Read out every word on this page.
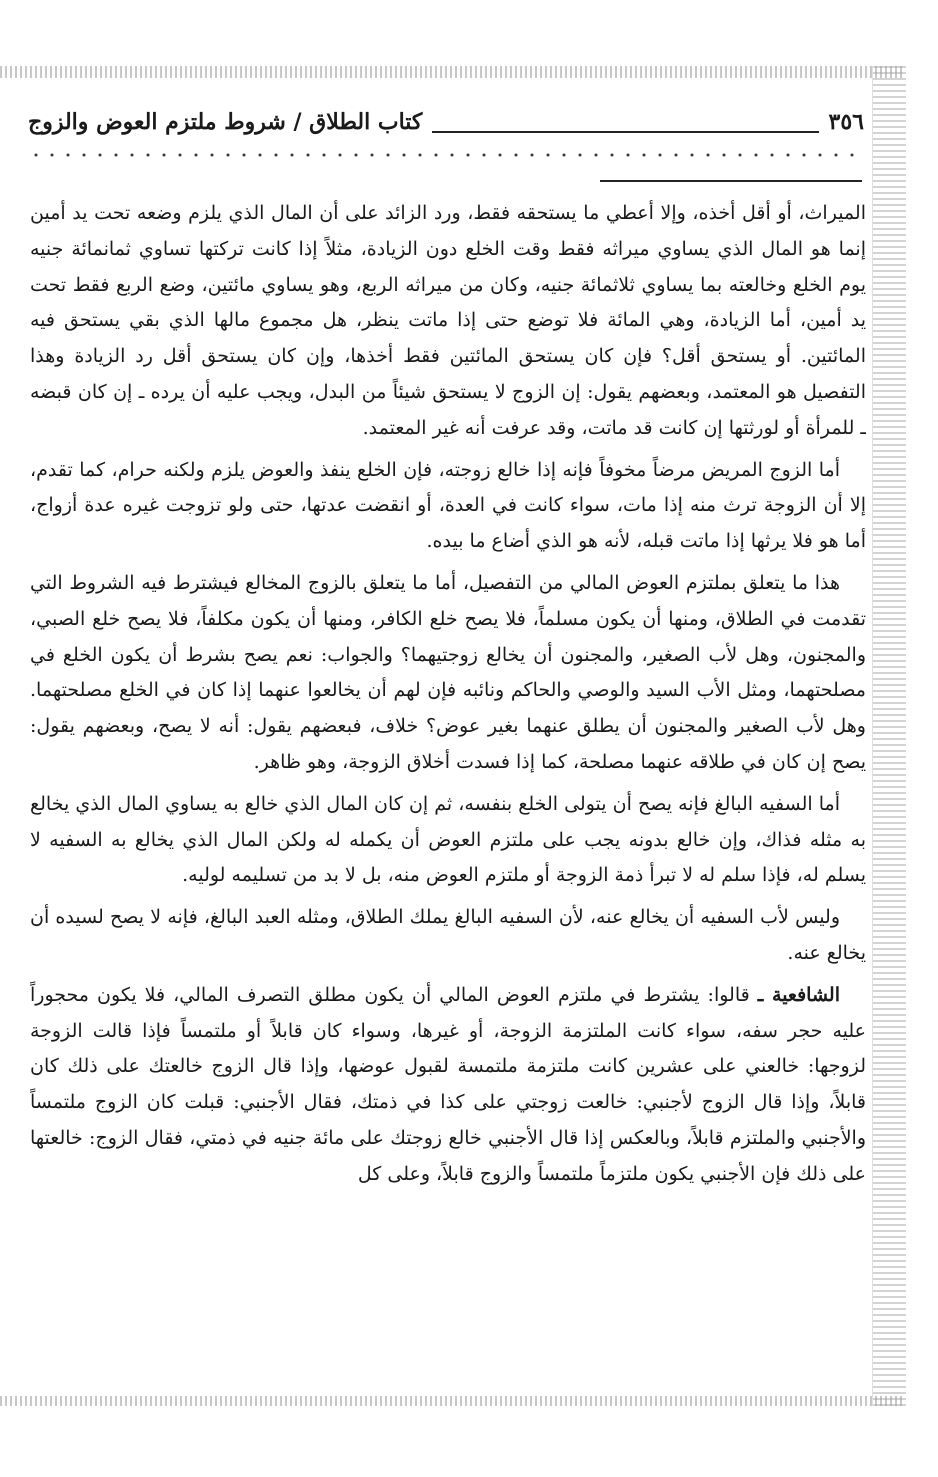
٣٥٦
كتاب الطلاق / شروط ملتزم العوض والزوج

الميراث، أو أقل أخذه، وإلا أعطي ما يستحقه فقط، ورد الزائد على أن المال الذي يلزم وضعه تحت يد أمين إنما هو المال الذي يساوي ميراثه فقط وقت الخلع دون الزيادة، مثلاً إذا كانت تركتها تساوي ثمانمائة جنيه يوم الخلع وخالعته بما يساوي ثلاثمائة جنيه، وكان من ميراثه الربع، وهو يساوي مائتين، وضع الربع فقط تحت يد أمين، أما الزيادة، وهي المائة فلا توضع حتى إذا ماتت ينظر، هل مجموع مالها الذي بقي يستحق فيه المائتين. أو يستحق أقل؟ فإن كان يستحق المائتين فقط أخذها، وإن كان يستحق أقل رد الزيادة وهذا التفصيل هو المعتمد، وبعضهم يقول: إن الزوج لا يستحق شيئاً من البدل، ويجب عليه أن يرده ـ إن كان قبضه ـ للمرأة أو لورثتها إن كانت قد ماتت، وقد عرفت أنه غير المعتمد.

أما الزوج المريض مرضاً مخوفاً فإنه إذا خالع زوجته، فإن الخلع ينفذ والعوض يلزم ولكنه حرام، كما تقدم، إلا أن الزوجة ترث منه إذا مات، سواء كانت في العدة، أو انقضت عدتها، حتى ولو تزوجت غيره عدة أزواج، أما هو فلا يرثها إذا ماتت قبله، لأنه هو الذي أضاع ما بيده.

هذا ما يتعلق بملتزم العوض المالي من التفصيل، أما ما يتعلق بالزوج المخالع فيشترط فيه الشروط التي تقدمت في الطلاق، ومنها أن يكون مسلماً، فلا يصح خلع الكافر، ومنها أن يكون مكلفاً، فلا يصح خلع الصبي، والمجنون، وهل لأب الصغير، والمجنون أن يخالع زوجتيهما؟ والجواب: نعم يصح بشرط أن يكون الخلع في مصلحتهما، ومثل الأب السيد والوصي والحاكم ونائبه فإن لهم أن يخالعوا عنهما إذا كان في الخلع مصلحتهما. وهل لأب الصغير والمجنون أن يطلق عنهما بغير عوض؟ خلاف، فبعضهم يقول: أنه لا يصح، وبعضهم يقول: يصح إن كان في طلاقه عنهما مصلحة، كما إذا فسدت أخلاق الزوجة، وهو ظاهر.

أما السفيه البالغ فإنه يصح أن يتولى الخلع بنفسه، ثم إن كان المال الذي خالع به يساوي المال الذي يخالع به مثله فذاك، وإن خالع بدونه يجب على ملتزم العوض أن يكمله له ولكن المال الذي يخالع به السفيه لا يسلم له، فإذا سلم له لا تبرأ ذمة الزوجة أو ملتزم العوض منه، بل لا بد من تسليمه لوليه.

وليس لأب السفيه أن يخالع عنه، لأن السفيه البالغ يملك الطلاق، ومثله العبد البالغ، فإنه لا يصح لسيده أن يخالع عنه.

الشافعية ـ قالوا: يشترط في ملتزم العوض المالي أن يكون مطلق التصرف المالي، فلا يكون محجوراً عليه حجر سفه، سواء كانت الملتزمة الزوجة، أو غيرها، وسواء كان قابلاً أو ملتمساً فإذا قالت الزوجة لزوجها: خالعني على عشرين كانت ملتزمة ملتمسة لقبول عوضها، وإذا قال الزوج خالعتك على ذلك كان قابلاً، وإذا قال الزوج لأجنبي: خالعت زوجتي على كذا في ذمتك، فقال الأجنبي: قبلت كان الزوج ملتمساً والأجنبي والملتزم قابلاً، وبالعكس إذا قال الأجنبي خالع زوجتك على مائة جنيه في ذمتي، فقال الزوج: خالعتها على ذلك فإن الأجنبي يكون ملتزماً ملتمساً والزوج قابلاً، وعلى كل
